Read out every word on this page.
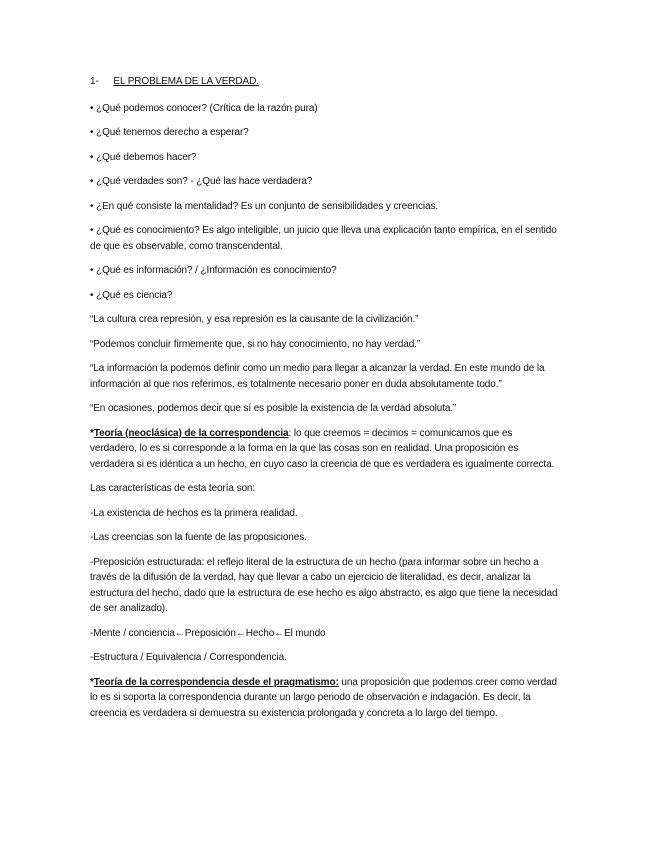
1- EL PROBLEMA DE LA VERDAD.

• ¿Qué podemos conocer? (Crítica de la razón pura)

• ¿Qué tenemos derecho a esperar?

• ¿Qué debemos hacer?

• ¿Qué verdades son? - ¿Qué las hace verdadera?

• ¿En qué consiste la mentalidad? Es un conjunto de sensibilidades y creencias.

• ¿Qué es conocimiento? Es algo inteligible, un juicio que lleva una explicación tanto empírica, en el sentido de que es observable, como transcendental.

• ¿Qué es información? / ¿Información es conocimiento?

• ¿Qué es ciencia?

“La cultura crea represión, y esa represión es la causante de la civilización.”

“Podemos concluir firmemente que, si no hay conocimiento, no hay verdad.”

“La información la podemos definir como un medio para llegar a alcanzar la verdad. En este mundo de la información al que nos referimos, es totalmente necesario poner en duda absolutamente todo.”

“En ocasiones, podemos decir que sí es posible la existencia de la verdad absoluta.”

*Teoría (neoclásica) de la correspondencia: lo que creemos = decimos = comunicamos que es verdadero, lo es si corresponde a la forma en la que las cosas son en realidad. Una proposición es verdadera si es idéntica a un hecho, en cuyo caso la creencia de que es verdadera es igualmente correcta.

Las características de esta teoría son:

-La existencia de hechos es la primera realidad.

-Las creencias son la fuente de las proposiciones.

-Preposición estructurada: el reflejo literal de la estructura de un hecho (para informar sobre un hecho a través de la difusión de la verdad, hay que llevar a cabo un ejercicio de literalidad, es decir, analizar la estructura del hecho, dado que la estructura de ese hecho es algo abstracto, es algo que tiene la necesidad de ser analizado).

-Mente / conciencia←Preposición←Hecho←El mundo

-Estructura / Equivalencia / Correspondencia.

*Teoría de la correspondencia desde el pragmatismo: una proposición que podemos creer como verdad lo es si soporta la correspondencia durante un largo periodo de observación e indagación. Es decir, la creencia es verdadera si demuestra su existencia prolongada y concreta a lo largo del tiempo.
